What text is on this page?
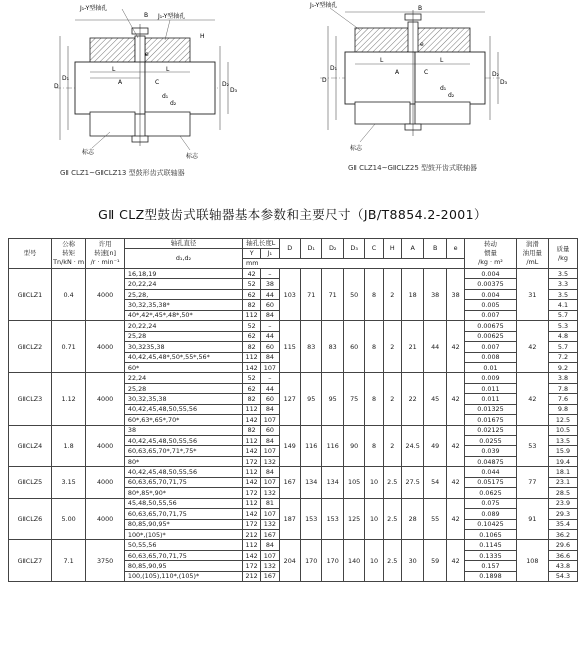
J₁-Y型轴孔
J₁-Y型轴孔
D
D₁
D₂
D₃
L	L
B
A	C
d₁
d₂
e
H
标志
标志
GⅡ CLZ1~GⅡCLZ13 型鼓形齿式联轴器
J₁-Y型轴孔
D
D₁
D₂
D₃
L	L
B
A	C
d₁
d₂
e
标志
GⅡ CLZ14~GⅡCLZ25 型鼓开齿式联轴器
GⅡ CLZ型鼓齿式联轴器基本参数和主要尺寸（JB/T8854.2-2001）
型号	公称
转矩
Tn/kN · m	许用
转速[n]
/r · min⁻¹	轴孔直径	轴孔长度L		D	D₁	D₂	D₃	C	H	A	B	e	转动
惯量
/kg · m²	润滑
油用量
/mL	质量
/kg
			d₁,d₂	Y	J₁												
				mm													
GⅡCLZ1	0.4	4000	16,18,19	42	–	103	71	71	50	8	2	18	38	38	0.004	31	3.5
			20,22,24	52	38										0.00375		3.3
			25,28,	62	44										0.004		3.5
			30,32,35,38*	82	60										0.005		4.1
			40*,42*,45*,48*,50*	112	84										0.007		5.7
GⅡCLZ2	0.71	4000	20,22,24	52	–	115	83	83	60	8	2	21	44	42	0.00675	42	5.3
			25,28	62	44										0.00625		4.8
			30,3235,38	82	60										0.007		5.7
			40,42,45,48*,50*,55*,56*	112	84										0.008		7.2
			60*	142	107										0.01		9.2
GⅡCLZ3	1.12	4000	22,24	52	–	127	95	95	75	8	2	22	45	42	0.009	42	3.8
			25,28	62	44										0.011		7.8
			30,32,35,38	82	60										0.011		7.6
			40,42,45,48,50,55,56	112	84										0.01325		9.8
			60*,63*,65*,70*	142	107										0.01675		12.5
GⅡCLZ4	1.8	4000	38	82	60	149	116	116	90	8	2	24.5	49	42	0.02125	53	10.5
			40,42,45,48,50,55,56	112	84										0.0255		13.5
			60,63,65,70*,71*,75*	142	107										0.039		15.9
			80*	172	132										0.04875		19.4
GⅡCLZ5	3.15	4000	40,42,45,48,50,55,56	112	84	167	134	134	105	10	2.5	27.5	54	42	0.044	77	18.1
			60,63,65,70,71,75	142	107										0.05175		23.1
			80*,85*,90*	172	132										0.0625		28.5
GⅡCLZ6	5.00	4000	45,48,50,55,56	112	81	187	153	153	125	10	2.5	28	55	42	0.075	91	23.9
			60,63,65,70,71,75	142	107										0.089		29.3
			80,85,90,95*	172	132										0.10425		35.4
			100*,(105)*	212	167										0.1065		36.2
GⅡCLZ7	7.1	3750	50,55,56	112	84	204	170	170	140	10	2.5	30	59	42	0.1145	108	29.6
			60,63,65,70,71,75	142	107										0.1335		36.6
			80,85,90,95	172	132										0.157		43.8
			100,(105),110*,(105)*	212	167										0.1898		54.3
